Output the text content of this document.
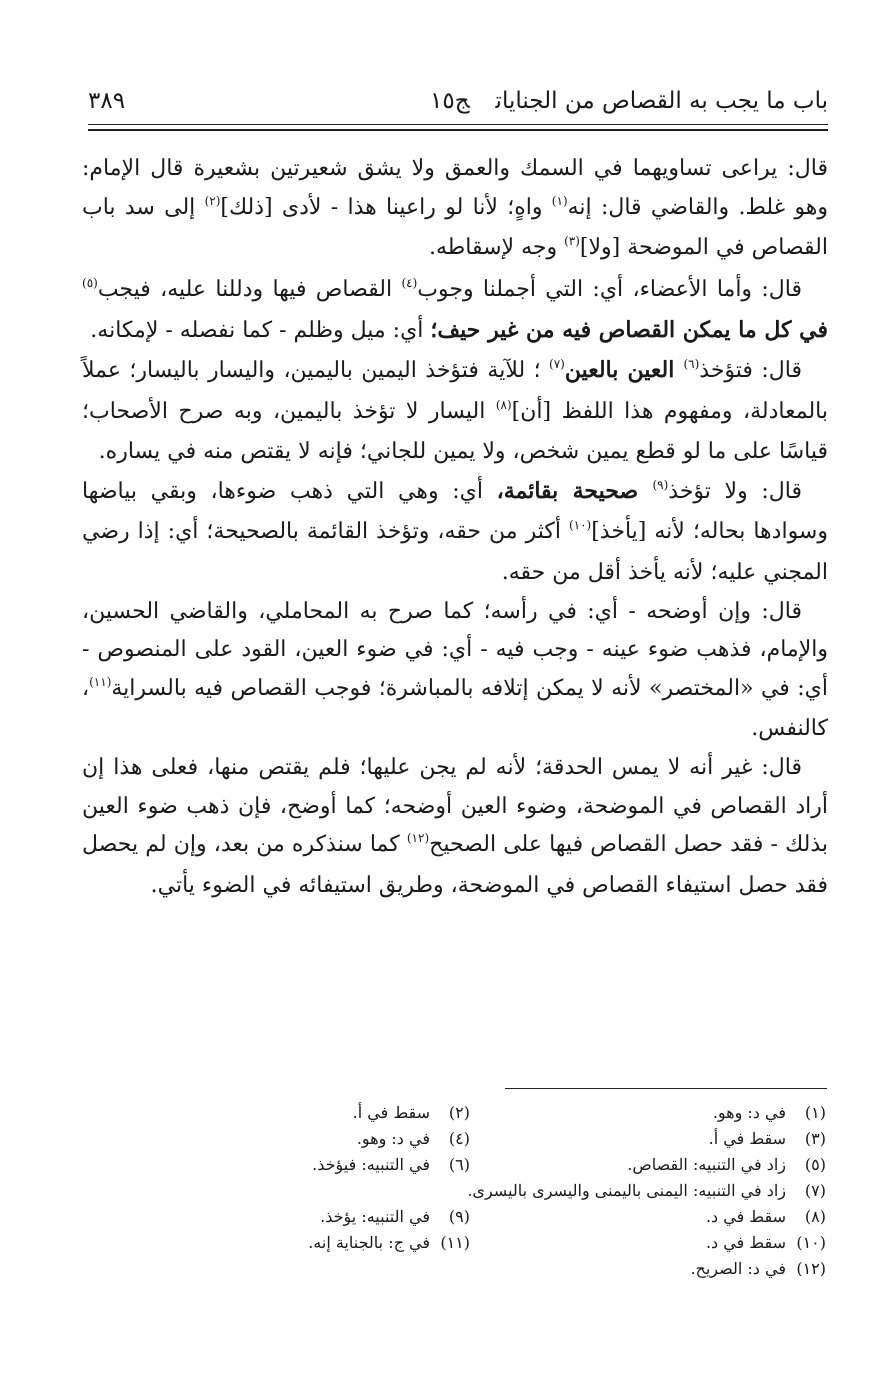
باب ما يجب به القصاص من الجناياتج١٥
٣٨٩

قال: يراعى تساويهما في السمك والعمق ولا يشق شعيرتين بشعيرة قال الإمام: وهو غلط. والقاضي قال: إنه$^{(١)}$ واهٍ؛ لأنا لو راعينا هذا - لأدى [ذلك]$^{(٢)}$ إلى سد باب القصاص في الموضحة [ولا]$^{(٣)}$ وجه لإسقاطه.

قال: وأما الأعضاء، أي: التي أجملنا وجوب$^{(٤)}$ القصاص فيها ودللنا عليه، فيجب$^{(٥)}$ في كل ما يمكن القصاص فيه من غير حيف؛ أي: ميل وظلم - كما نفصله - لإمكانه.

قال: فتؤخذ$^{(٦)}$ العين بالعين$^{(٧)}$ ؛ للآية فتؤخذ اليمين باليمين، واليسار باليسار؛ عملاً بالمعادلة، ومفهوم هذا اللفظ [أن]$^{(٨)}$ اليسار لا تؤخذ باليمين، وبه صرح الأصحاب؛ قياسًا على ما لو قطع يمين شخص، ولا يمين للجاني؛ فإنه لا يقتص منه في يساره.

قال: ولا تؤخذ$^{(٩)}$ صحيحة بقائمة، أي: وهي التي ذهب ضوءها، وبقي بياضها وسوادها بحاله؛ لأنه [يأخذ]$^{(١٠)}$ أكثر من حقه، وتؤخذ القائمة بالصحيحة؛ أي: إذا رضي المجني عليه؛ لأنه يأخذ أقل من حقه.

قال: وإن أوضحه - أي: في رأسه؛ كما صرح به المحاملي، والقاضي الحسين، والإمام، فذهب ضوء عينه - وجب فيه - أي: في ضوء العين، القود على المنصوص - أي: في «المختصر» لأنه لا يمكن إتلافه بالمباشرة؛ فوجب القصاص فيه بالسراية$^{(١١)}$، كالنفس.

قال: غير أنه لا يمس الحدقة؛ لأنه لم يجن عليها؛ فلم يقتص منها، فعلى هذا إن أراد القصاص في الموضحة، وضوء العين أوضحه؛ كما أوضح، فإن ذهب ضوء العين بذلك - فقد حصل القصاص فيها على الصحيح$^{(١٢)}$ كما سنذكره من بعد، وإن لم يحصل فقد حصل استيفاء القصاص في الموضحة، وطريق استيفائه في الضوء يأتي.

(١)في د: وهو.
(٢)سقط في أ.
(٣)سقط في أ.
(٤)في د: وهو.
(٥)زاد في التنبيه: القصاص.
(٦)في التنبيه: فيؤخذ.
(٧)زاد في التنبيه: اليمنى باليمنى واليسرى باليسرى.
(٨)سقط في د.
(٩)في التنبيه: يؤخذ.
(١٠)سقط في د.
(١١)في ج: بالجناية إنه.
(١٢)في د: الصريح.
